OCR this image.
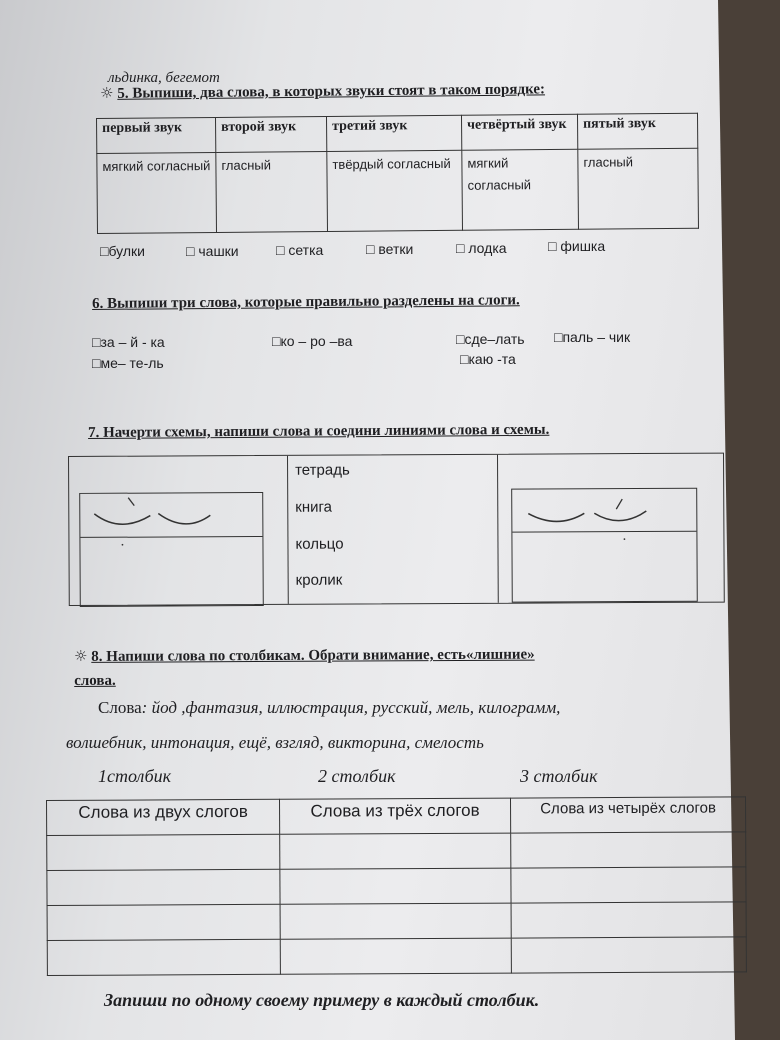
льдинка, бегемот
☼ 5. Выпиши, два слова, в которых звуки стоят в таком порядке:
первый звук	второй звук	третий звук	четвёртый звук	пятый звук
мягкий согласный	гласный	твёрдый согласный	мягкий согласный	гласный
□булки	□ чашки	□ сетка	□ ветки	□ лодка	□ фишка
6. Выпиши три слова, которые правильно разделены на слоги.
□за – й - ка
□ме– те-ль
□ко – ро –ва	□сде–лать □паль – чик
□каю -та
7. Начерти схемы, напиши слова и соедини линиями слова и схемы.
тетрадь
книга
кольцо
кролик
☼ 8. Напиши слова по столбикам. Обрати внимание, есть«лишние»
слова.
Слова: йод ,фантазия, иллюстрация, русский, мель, килограмм,
волшебник, интонация, ещё, взгляд, викторина, смелость
1столбик	2 столбик	3 столбик
Слова из двух слогов	Слова из трёх слогов	Слова из четырёх слогов

Запиши по одному своему примеру в каждый столбик.
